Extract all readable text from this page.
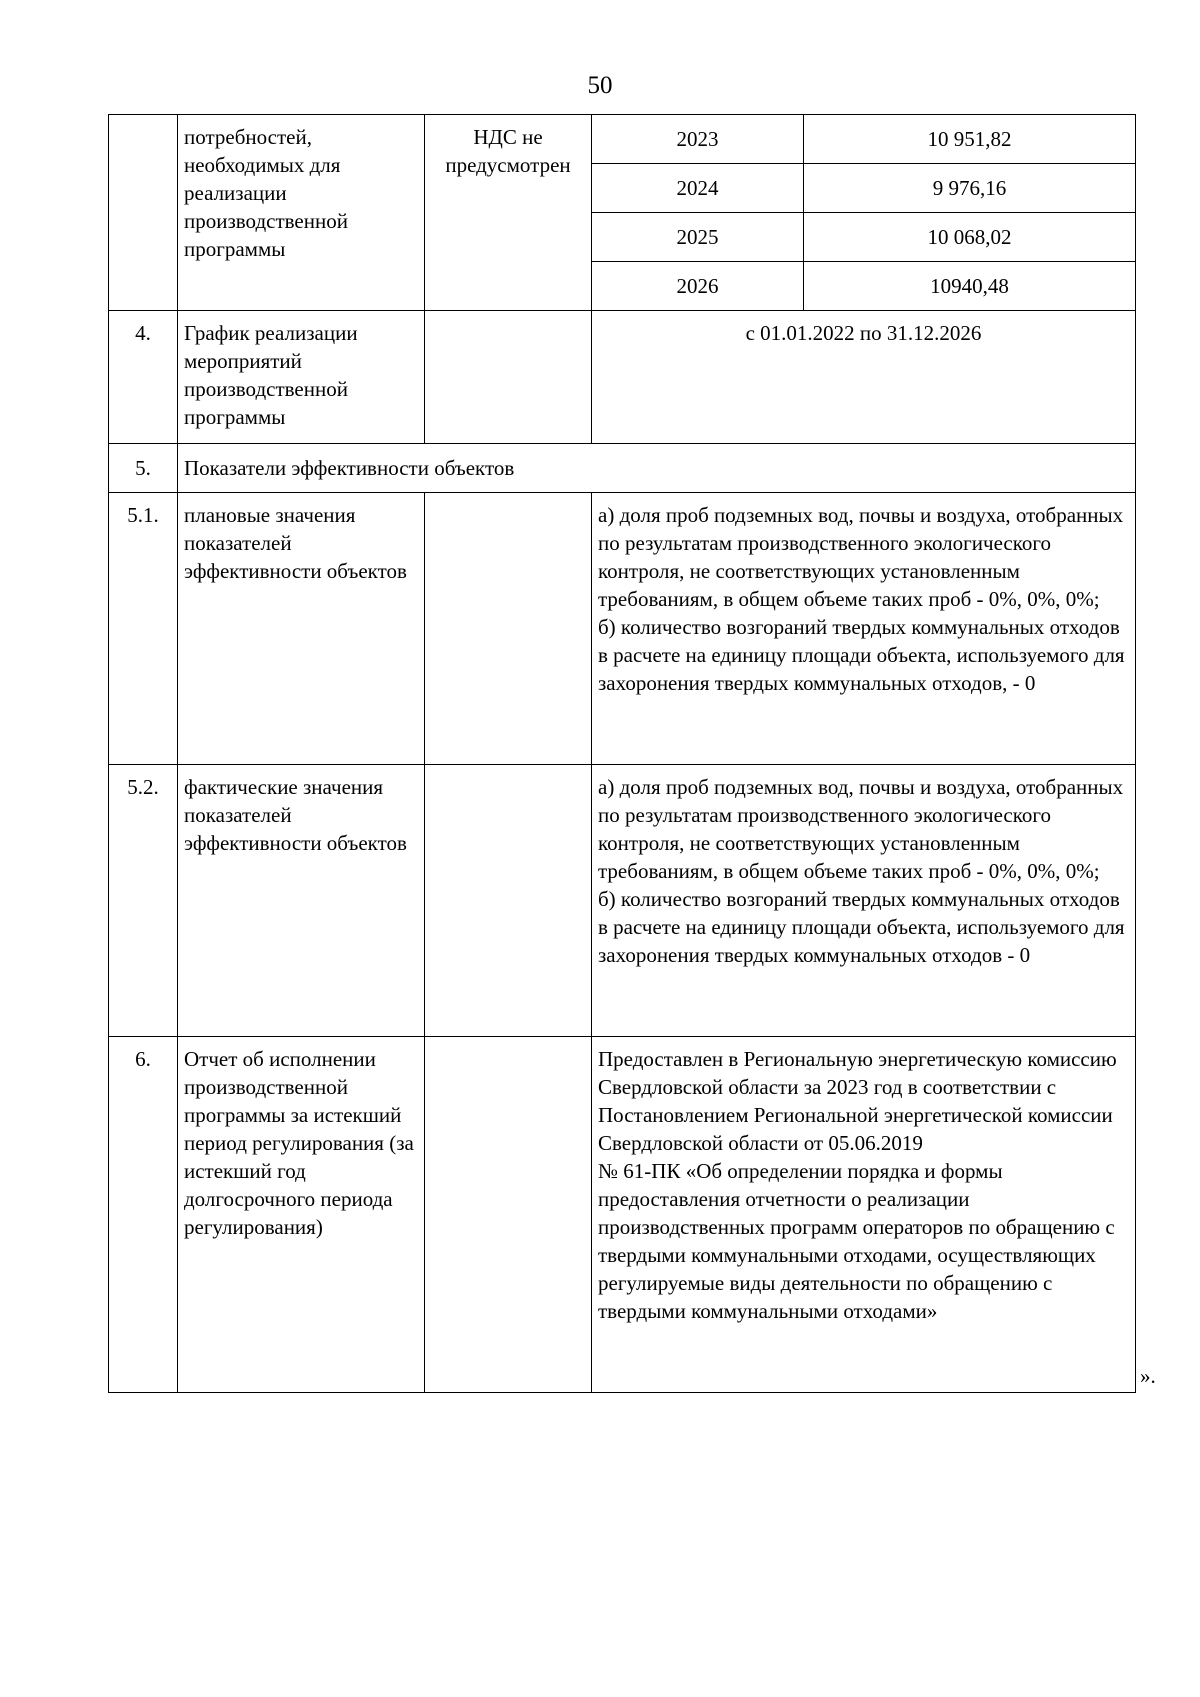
50
	потребностей, необходимых для реализации производственной программы	НДС не предусмотрен	2023	10 951,82
			2024	9 976,16
			2025	10 068,02
			2026	10940,48
4.	График реализации мероприятий производственной программы		с 01.01.2022 по 31.12.2026	
5.	Показатели эффективности объектов			
5.1.	плановые значения показателей эффективности объектов		а) доля проб подземных вод, почвы и воздуха, отобранных по результатам производственного экологического контроля, не соответствующих установленным требованиям, в общем объеме таких проб - 0%, 0%, 0%;
б) количество возгораний твердых коммунальных отходов в расчете на единицу площади объекта, используемого для захоронения твердых коммунальных отходов, - 0	

5.2.	фактические значения показателей эффективности объектов		а) доля проб подземных вод, почвы и воздуха, отобранных по результатам производственного экологического контроля, не соответствующих установленным требованиям, в общем объеме таких проб - 0%, 0%, 0%;
б) количество возгораний твердых коммунальных отходов в расчете на единицу площади объекта, используемого для захоронения твердых коммунальных отходов - 0	

6.	Отчет об исполнении производственной программы за истекший период регулирования (за истекший год долгосрочного периода регулирования)		Предоставлен в Региональную энергетическую комиссию Свердловской области за 2023 год в соответствии с Постановлением Региональной энергетической комиссии Свердловской области от 05.06.2019
№ 61-ПК «Об определении порядка и формы предоставления отчетности о реализации производственных программ операторов по обращению с твердыми коммунальными отходами, осуществляющих регулируемые виды деятельности по обращению с твердыми коммунальными отходами»	
».
